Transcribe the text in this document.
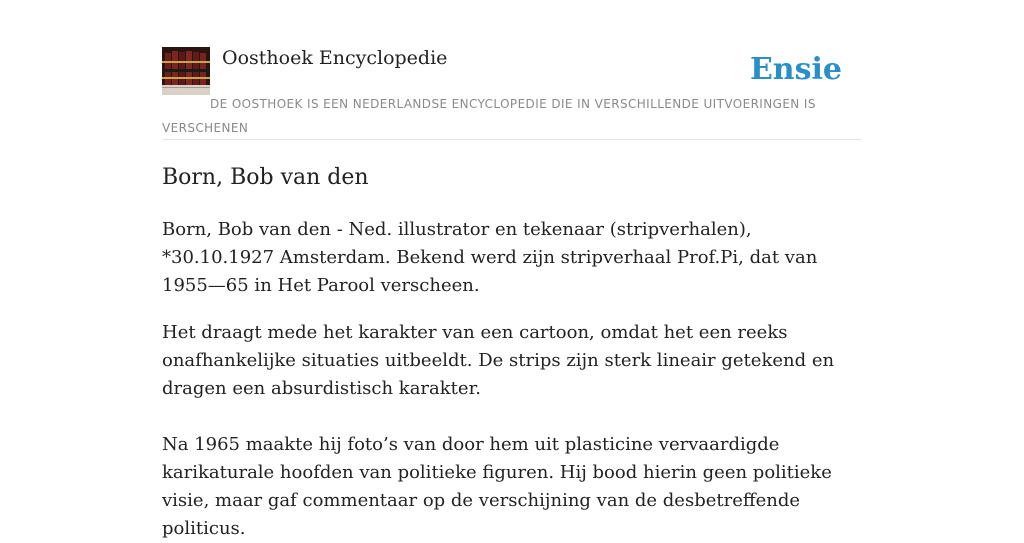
Oosthoek Encyclopedie	Ensie
DE OOSTHOEK IS EEN NEDERLANDSE ENCYCLOPEDIE DIE IN VERSCHILLENDE UITVOERINGEN IS VERSCHENEN
Born, Bob van den

Born, Bob van den - Ned. illustrator en tekenaar (stripverhalen), *30.10.1927 Amsterdam. Bekend werd zijn stripverhaal Prof.Pi, dat van 1955—65 in Het Parool verscheen.

Het draagt mede het karakter van een cartoon, omdat het een reeks onafhankelijke situaties uitbeeldt. De strips zijn sterk lineair getekend en dragen een absurdistisch karakter.

Na 1965 maakte hij foto’s van door hem uit plasticine vervaardigde karikaturale hoofden van politieke figuren. Hij bood hierin geen politieke visie, maar gaf commentaar op de verschijning van de desbetreffende politicus.
